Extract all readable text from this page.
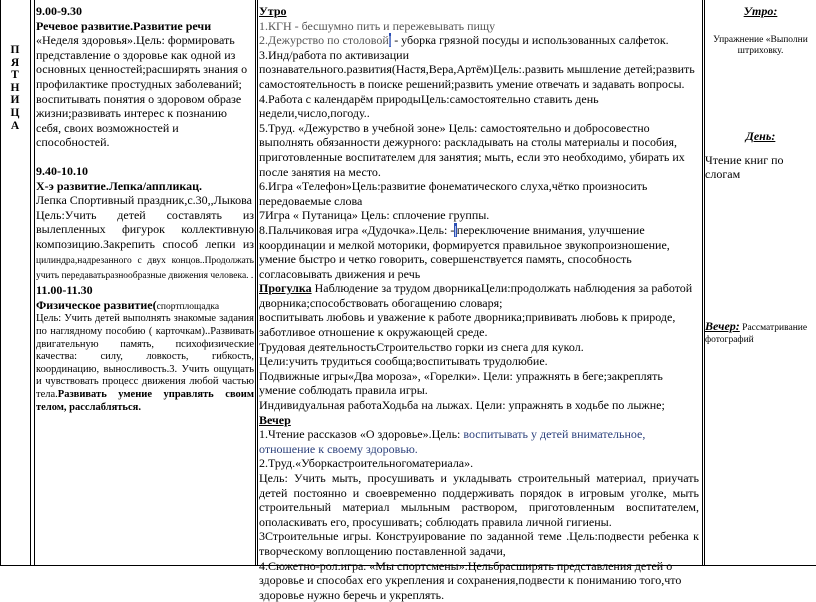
П
Я
Т
Н
И
Ц
А

9.00-9.30

Речевое развитие.Развитие речи

«Неделя здоровья».Цель: формировать представление о здоровье как одной из основных ценностей;расширять знания о профилактике простудных заболеваний; воспитывать понятия о здоровом образе жизни;развивать интерес к познанию себя, своих возможностей и способностей.

9.40-10.10

Х-э развитие.Лепка/аппликац.

Лепка Спортивный праздник,с.30,,Лыкова

Цель:Учить детей составлять из вылепленных фигурок коллективную композицию.Закрепить способ лепки из цилиндра,надрезанного с двух концов..Продолжать учить передаватьразнообразные движения человека. .

11.00-11.30

Физическое развитие(спортплощадка

Цель: Учить детей выполнять знакомые задания по наглядному пособию ( карточкам)..Развивать двигательную память, психофизические качества: силу, ловкость, гибкость, координацию, выносливость.3. Учить ощущать и чувствовать процесс движения любой частью тела.Развивать умение управлять своим телом, расслабляться.

Утро

1.КГН - бесшумно пить и пережевывать пищу

2.Дежурство по столовой| - уборка грязной посуды и использованных салфеток.

3.Инд/работа по активизации познавательного.развития(Настя,Вера,Артём)Цель:.развить мышление детей;развить самостоятельность в поиске решений;развить умение отвечать и задавать вопросы.

4.Работа с календарём природыЦель:самостоятельно ставить день недели,число,погоду..

5.Труд. «Дежурство в учебной зоне» Цель: самостоятельно и добросовестно выполнять обязанности дежурного: раскладывать на столы материалы и пособия, приготовленные воспитателем для занятия; мыть, если это необходимо, убирать их после занятия на место.

6.Игра «Телефон»Цель:развитие фонематического слуха,чётко произносить передоваемые слова

7Игра « Путаница» Цель: сплочение группы.

8.Пальчиковая игра «Дудочка».Цель: -|переключение внимания, улучшение координации и мелкой моторики, формируется правильное звукопроизношение, умение быстро и четко говорить, совершенствуется память, способность согласовывать движения и речь

Прогулка Наблюдение за трудом дворникаЦели:продолжать наблюдения за работой дворника;способствовать обогащению словаря;

воспитывать любовь и уважение к работе дворника;прививать любовь к природе, заботливое отношение к окружающей среде.

Трудовая деятельностьСтроительство горки из снега для кукол.

Цели:учить трудиться сообща;воспитывать трудолюбие.

Подвижные игры«Два мороза», «Горелки». Цели: упражнять в беге;закреплять умение соблюдать правила игры.

Индивидуальная работаХодьба на лыжах. Цели: упражнять в ходьбе по лыжне;

Вечер

1.Чтение рассказов «О здоровье».Цель: воспитывать у детей внимательное, отношение к своему здоровью.

2.Труд.«Уборкастроительногоматериала».

Цель: Учить мыть, просушивать и укладывать строительный материал, приучать детей постоянно и своевременно поддерживать порядок в игровым уголке, мыть строительный материал мыльным раствором, приготовленным воспитателем, ополаскивать его, просушивать; соблюдать правила личной гигиены.

3Строительные игры. Конструирование по заданной теме .Цель:подвести ребенка к творческому воплощению поставленной задачи,

4.Сюжетно-рол.игра. «Мы спортсмены».Цельбрасширять представления детей о здоровье и способах его укрепления и сохранения,подвести к пониманию того,что здоровье нужно беречь и укреплять.

Утро:

Упражнение «Выполни штриховку.

День:

Чтение книг по слогам

Вечер: Рассматривание фотографий
